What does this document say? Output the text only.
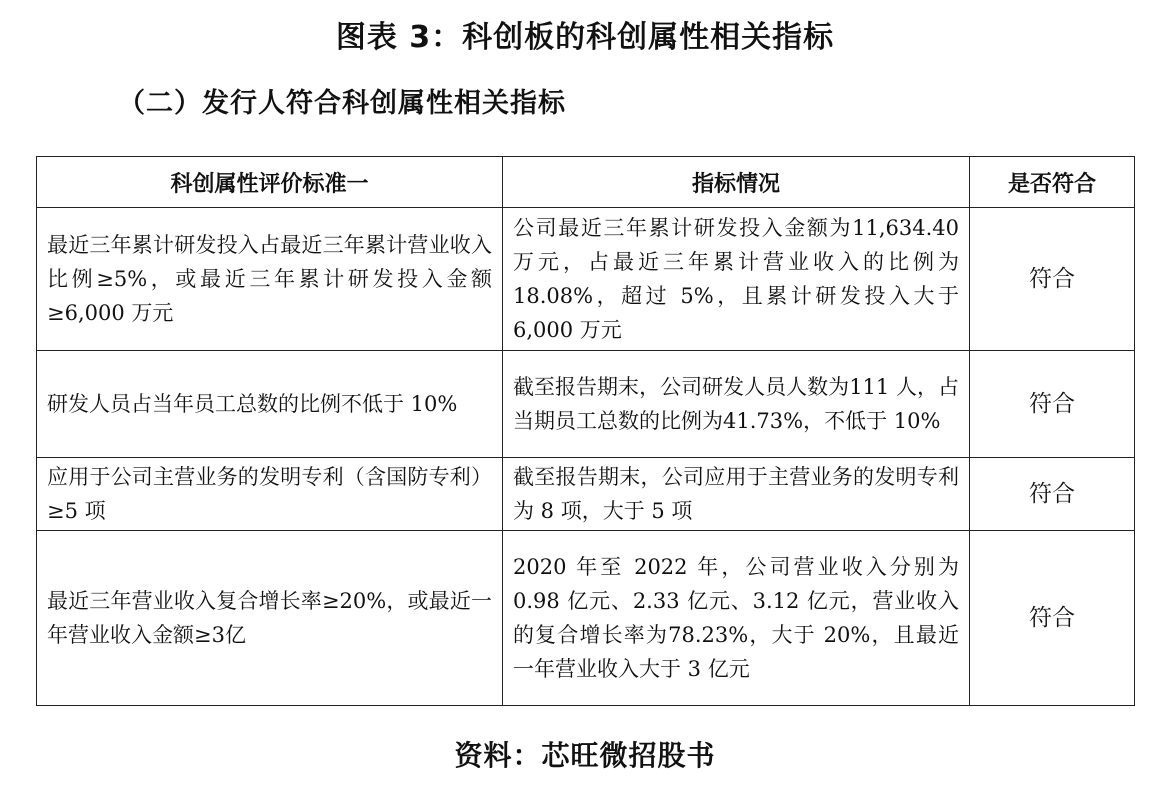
图表 3：科创板的科创属性相关指标
（二）发行人符合科创属性相关指标
科创属性评价标准一	指标情况	是否符合
最近三年累计研发投入占最近三年累计营业收入比例≥5%，或最近三年累计研发投入金额≥6,000 万元	公司最近三年累计研发投入金额为11,634.40 万元，占最近三年累计营业收入的比例为 18.08%，超过 5%，且累计研发投入大于 6,000 万元	符合
研发人员占当年员工总数的比例不低于 10%	截至报告期末，公司研发人员人数为111 人，占当期员工总数的比例为41.73%，不低于 10%	符合
应用于公司主营业务的发明专利（含国防专利）≥5 项	截至报告期末，公司应用于主营业务的发明专利为 8 项，大于 5 项	符合
最近三年营业收入复合增长率≥20%，或最近一年营业收入金额≥3亿	2020 年至 2022 年，公司营业收入分别为 0.98 亿元、2.33 亿元、3.12 亿元，营业收入的复合增长率为78.23%，大于 20%，且最近一年营业收入大于 3 亿元	符合
资料：芯旺微招股书
